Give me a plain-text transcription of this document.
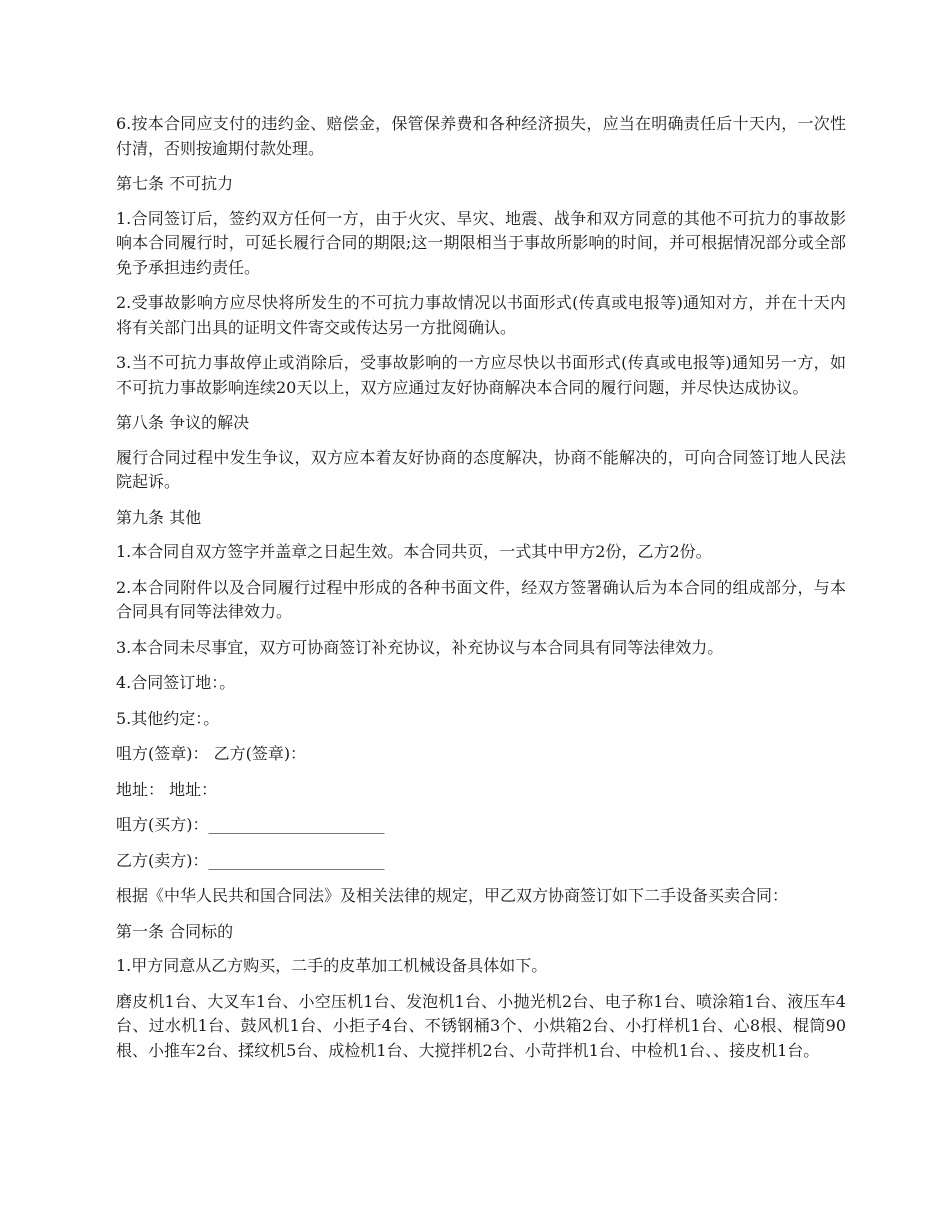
6.按本合同应支付的违约金、赔偿金，保管保养费和各种经济损失，应当在明确责任后十天内，一次性付清，否则按逾期付款处理。

第七条 不可抗力

1.合同签订后，签约双方任何一方，由于火灾、旱灾、地震、战争和双方同意的其他不可抗力的事故影响本合同履行时，可延长履行合同的期限;这一期限相当于事故所影响的时间，并可根据情况部分或全部免予承担违约责任。

2.受事故影响方应尽快将所发生的不可抗力事故情况以书面形式(传真或电报等)通知对方，并在十天内将有关部门出具的证明文件寄交或传达另一方批阅确认。

3.当不可抗力事故停止或消除后，受事故影响的一方应尽快以书面形式(传真或电报等)通知另一方，如不可抗力事故影响连续20天以上，双方应通过友好协商解决本合同的履行问题，并尽快达成协议。

第八条 争议的解决

履行合同过程中发生争议，双方应本着友好协商的态度解决，协商不能解决的，可向合同签订地人民法院起诉。

第九条 其他

1.本合同自双方签字并盖章之日起生效。本合同共页，一式其中甲方2份，乙方2份。

2.本合同附件以及合同履行过程中形成的各种书面文件，经双方签署确认后为本合同的组成部分，与本合同具有同等法律效力。

3.本合同未尽事宜，双方可协商签订补充协议，补充协议与本合同具有同等法律效力。

4.合同签订地：。

5.其他约定：。

咀方(签章)： 乙方(签章)：

地址： 地址：

咀方(买方)：______________________

乙方(卖方)：______________________

根据《中华人民共和国合同法》及相关法律的规定，甲乙双方协商签订如下二手设备买卖合同：

第一条 合同标的

1.甲方同意从乙方购买，二手的皮革加工机械设备具体如下。

磨皮机1台、大叉车1台、小空压机1台、发泡机1台、小抛光机2台、电子称1台、喷涂箱1台、液压车4台、过水机1台、鼓风机1台、小拒子4台、不锈钢桶3个、小烘箱2台、小打样机1台、心8根、棍筒90根、小推车2台、揉纹机5台、成检机1台、大搅拌机2台、小苛拌机1台、中检机1台、、接皮机1台。
